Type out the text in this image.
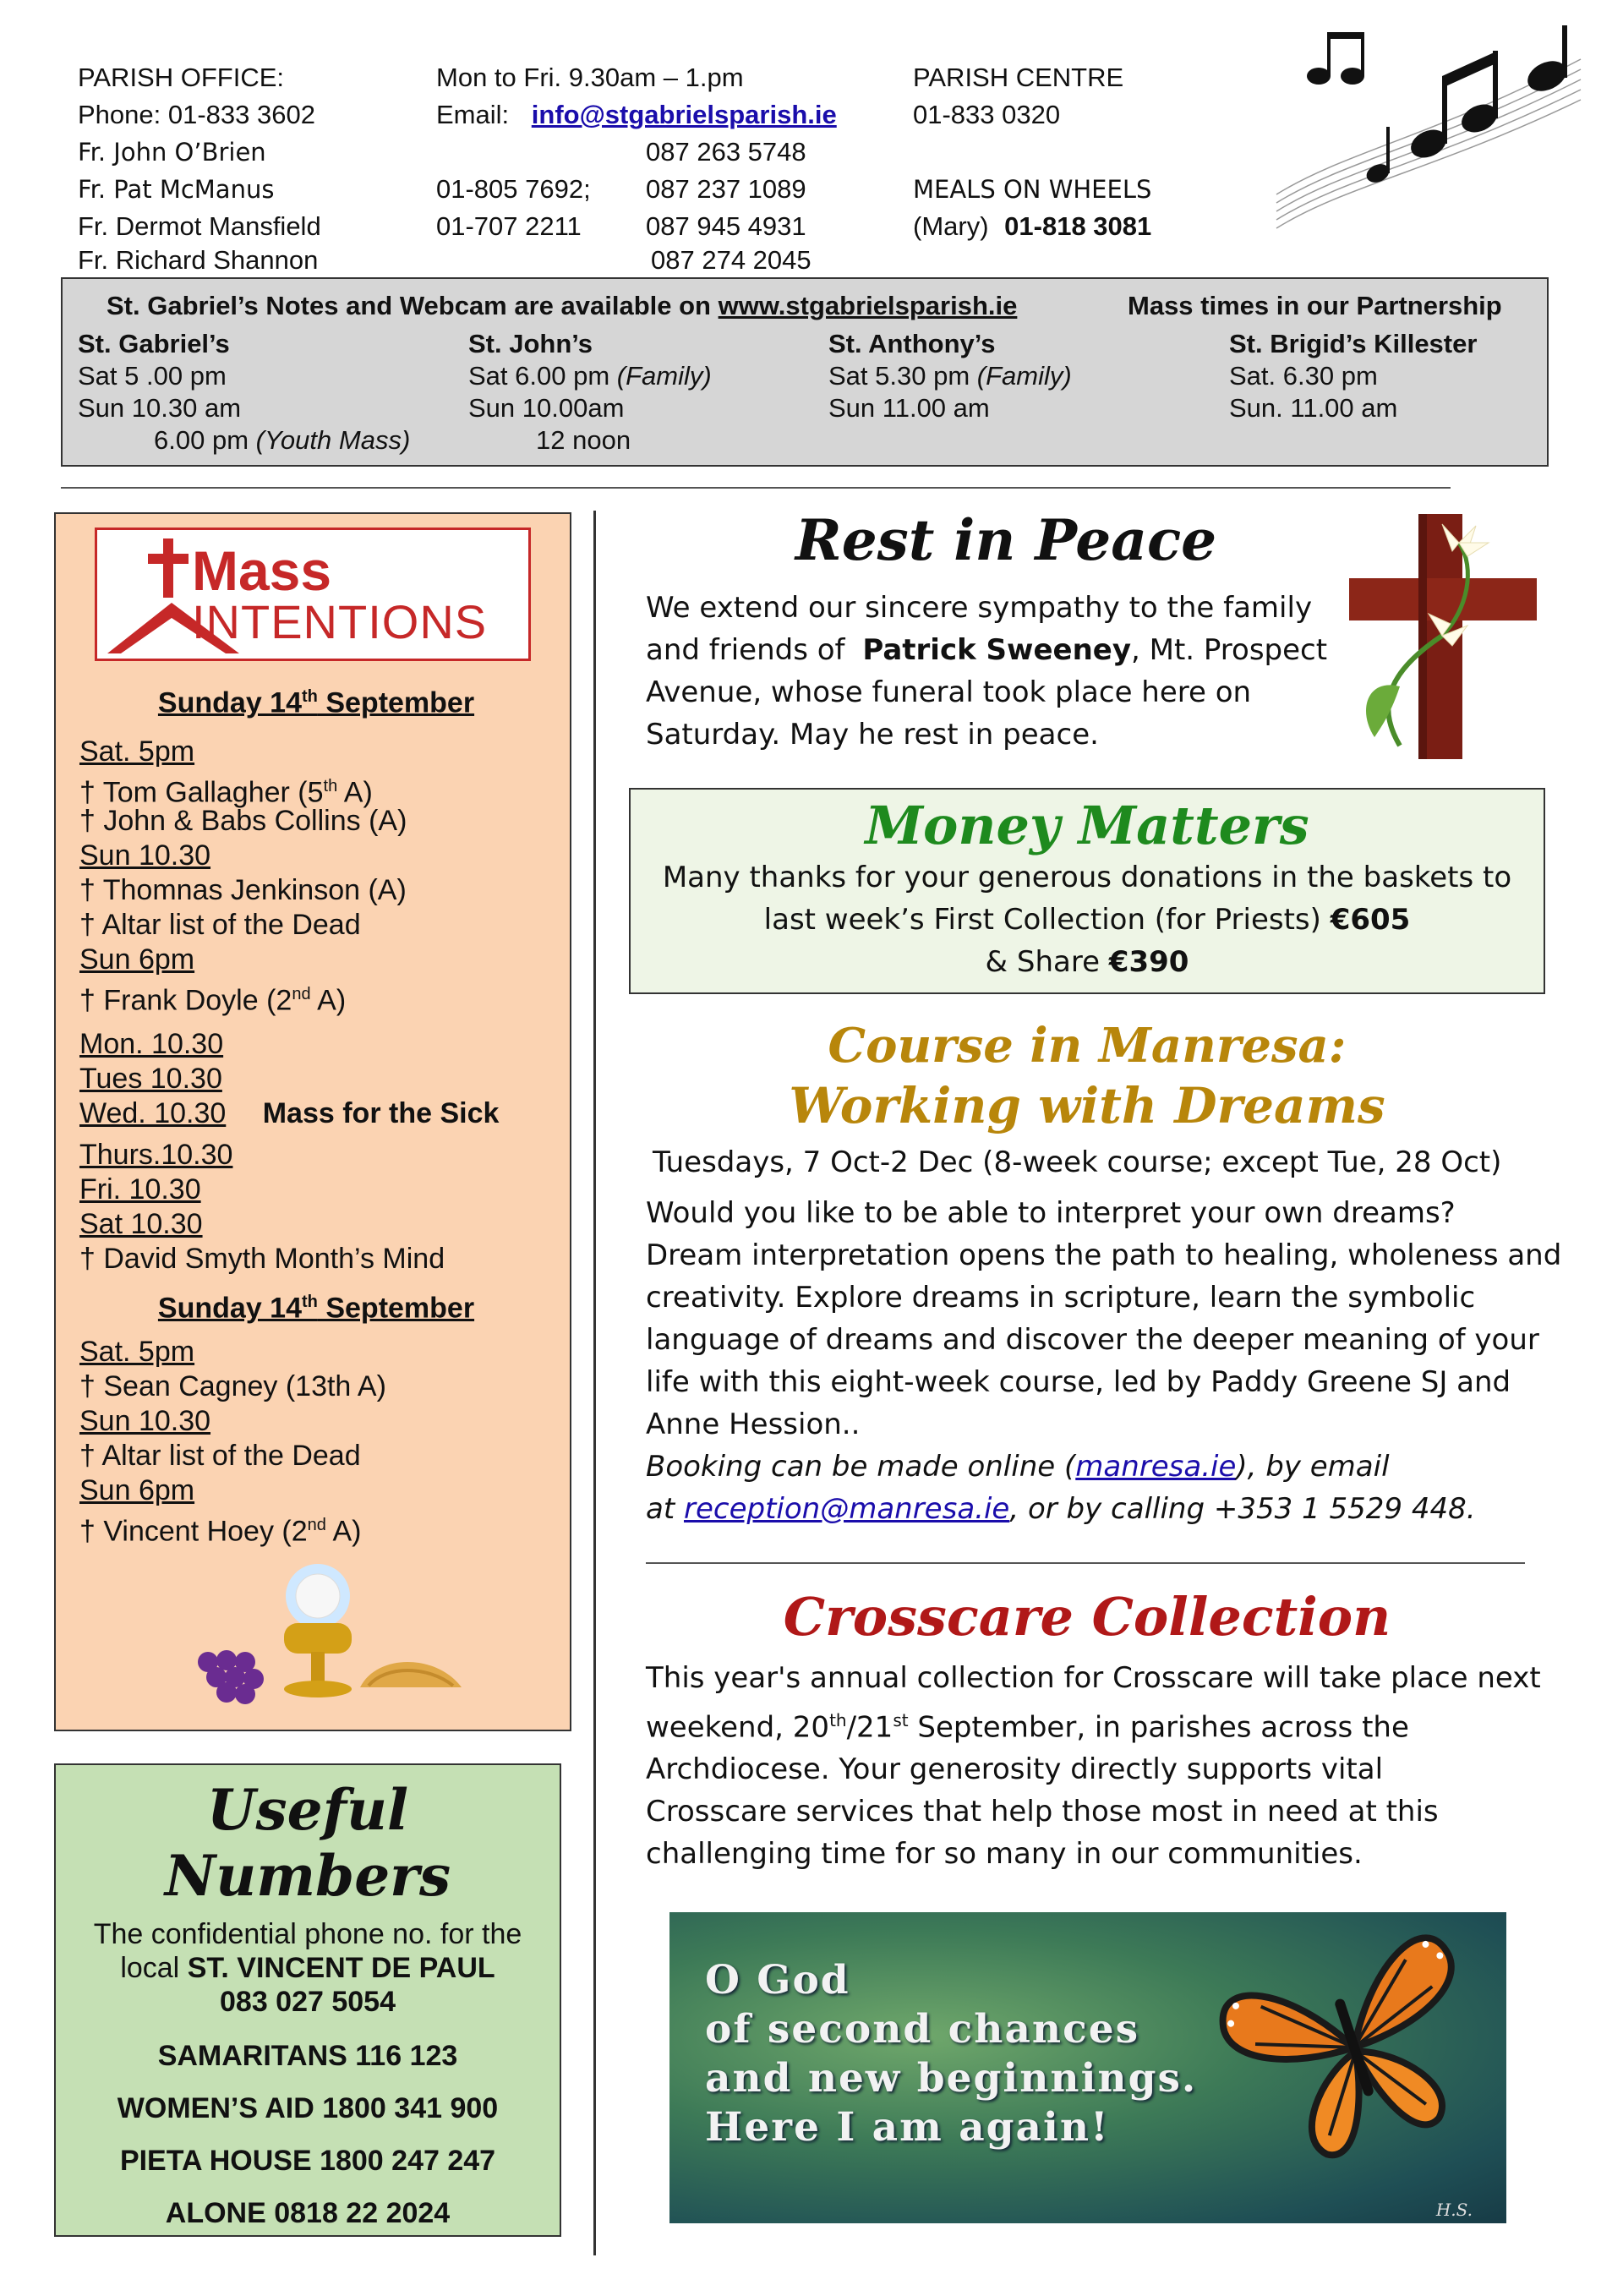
PARISH OFFICE:
Phone: 01-833 3602
Fr. John O’Brien
Fr. Pat McManus
Fr. Dermot Mansfield
Fr. Richard Shannon
Mon to Fri. 9.30am – 1.pm
Email: info@stgabrielsparish.ie
01-805 7692;
01-707 2211
087 263 5748
087 237 1089
087 945 4931
087 274 2045
PARISH CENTRE
01-833 0320
MEALS ON WHEELS
(Mary) 01-818 3081
St. Gabriel’s Notes and Webcam are available on www.stgabrielsparish.ie	Mass times in our Partnership
St. Gabriel’s
Sat 5 .00 pm
Sun 10.30 am
6.00 pm (Youth Mass)
St. John’s
Sat 6.00 pm (Family)
Sun 10.00am
12 noon
St. Anthony’s
Sat 5.30 pm (Family)
Sun 11.00 am
St. Brigid’s Killester
Sat. 6.30 pm
Sun. 11.00 am
Mass
INTENTIONS
Sunday 14th September
Sat. 5pm
† Tom Gallagher (5th A)
† John & Babs Collins (A)
Sun 10.30
† Thomnas Jenkinson (A)
† Altar list of the Dead
Sun 6pm
† Frank Doyle (2nd A)
Mon. 10.30
Tues 10.30
Wed. 10.30 Mass for the Sick
Thurs.10.30
Fri. 10.30
Sat 10.30
† David Smyth Month’s Mind
Sunday 14th September
Sat. 5pm
† Sean Cagney (13th A)
Sun 10.30
† Altar list of the Dead
Sun 6pm
† Vincent Hoey (2nd A)
Useful Numbers
The confidential phone no. for the
local ST. VINCENT DE PAUL
083 027 5054
SAMARITANS 116 123
WOMEN’S AID 1800 341 900
PIETA HOUSE 1800 247 247
ALONE 0818 22 2024
Rest in Peace
We extend our sincere sympathy to the family
and friends of Patrick Sweeney, Mt. Prospect
Avenue, whose funeral took place here on
Saturday. May he rest in peace.
Money Matters
Many thanks for your generous donations in the baskets to
last week’s First Collection (for Priests) €605
& Share €390
Course in Manresa:
Working with Dreams
Tuesdays, 7 Oct-2 Dec (8-week course; except Tue, 28 Oct)
Would you like to be able to interpret your own dreams?
Dream interpretation opens the path to healing, wholeness and
creativity. Explore dreams in scripture, learn the symbolic
language of dreams and discover the deeper meaning of your
life with this eight-week course, led by Paddy Greene SJ and
Anne Hession..
Booking can be made online (manresa.ie), by email
at reception@manresa.ie, or by calling +353 1 5529 448.
Crosscare Collection
This year's annual collection for Crosscare will take place next
weekend, 20th/21st September, in parishes across the
Archdiocese. Your generosity directly supports vital
Crosscare services that help those most in need at this
challenging time for so many in our communities.
O God
of second chances
and new beginnings.
Here I am again!
H.S.
